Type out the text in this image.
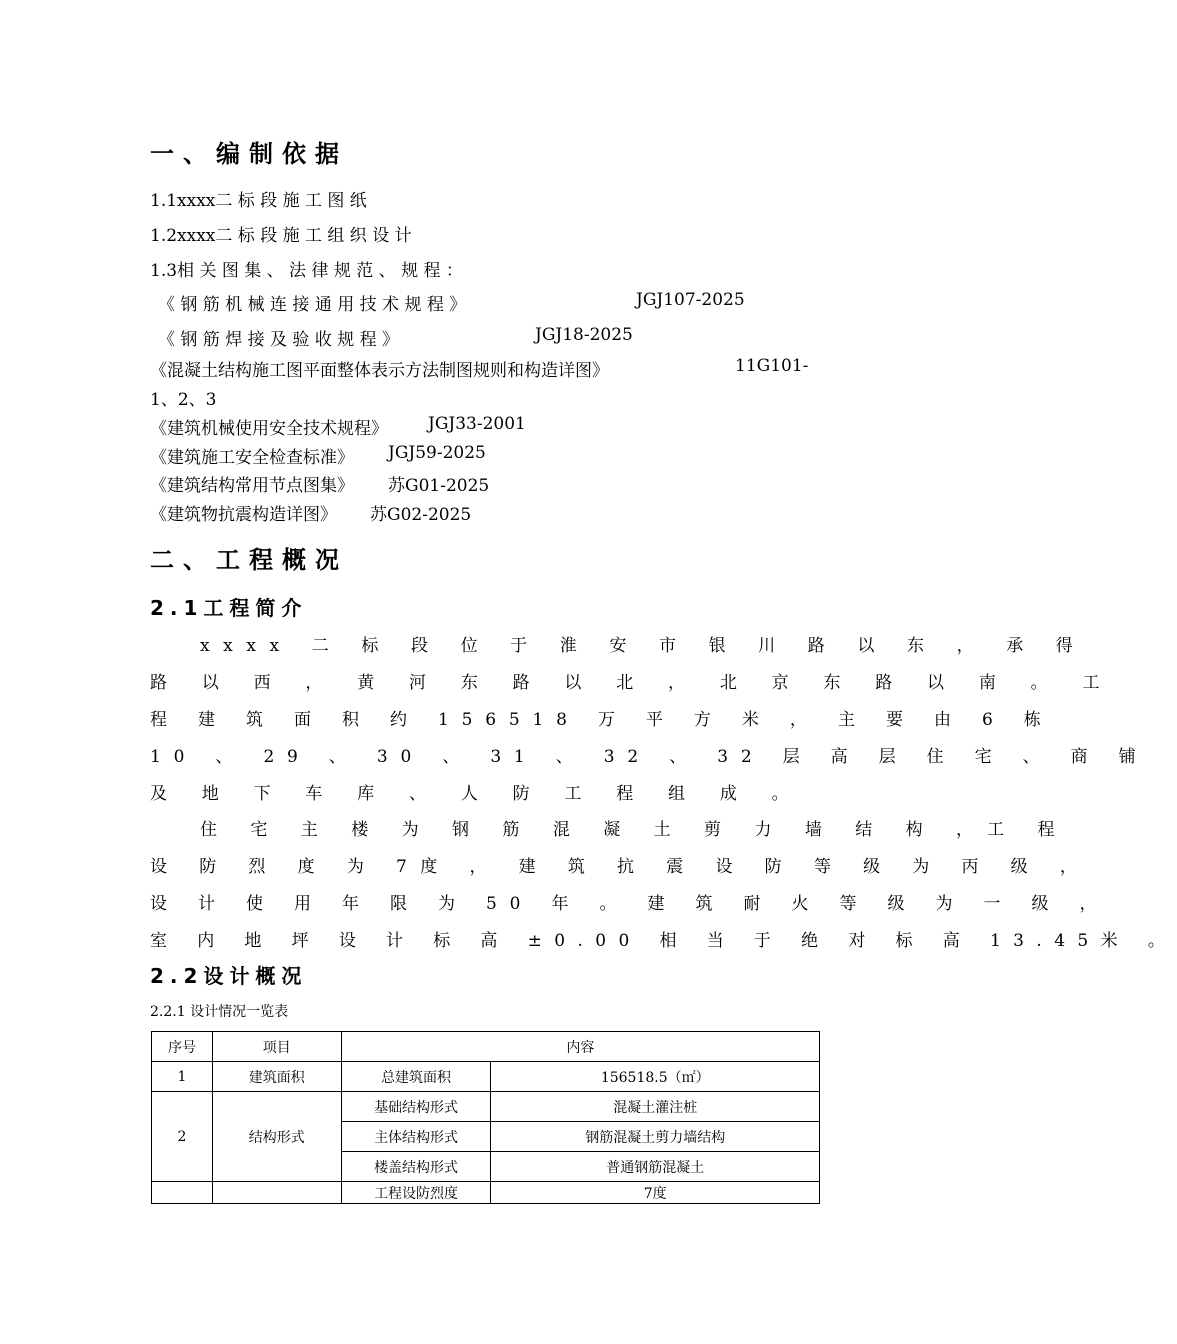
一、编制依据
1.1xxxx二 标 段 施 工 图 纸
1.2xxxx二 标 段 施 工 组 织 设 计
1.3相 关 图 集 、 法 律 规 范 、 规 程 ：
《 钢 筋 机 械 连 接 通 用 技 术 规 程 》	JGJ107-2025
《 钢 筋 焊 接 及 验 收 规 程 》	JGJ18-2025
《混凝土结构施工图平面整体表示方法制图规则和构造详图》	11G101-
1、2、3
《建筑机械使用安全技术规程》 JGJ33-2001
《建筑施工安全检查标准》 JGJ59-2025
《建筑结构常用节点图集》 苏G01-2025
《建筑物抗震构造详图》 苏G02-2025
二、工程概况
2.1工程简介
xxxx 二 标 段 位 于 淮 安 市 银 川 路 以 东 ， 承 得
路 以 西 ， 黄 河 东 路 以 北 ， 北 京 东 路 以 南 。 工
程 建 筑 面 积 约 156518 万 平 方 米 ， 主 要 由 6 栋
10 、 29 、 30 、 31 、 32 、 32 层 高 层 住 宅 、 商 铺
及 地 下 车 库 、 人 防 工 程 组 成 。
住 宅 主 楼 为 钢 筋 混 凝 土 剪 力 墙 结 构 ，工 程
设 防 烈 度 为 7度 ， 建 筑 抗 震 设 防 等 级 为 丙 级 ，
设 计 使 用 年 限 为 50 年 。 建 筑 耐 火 等 级 为 一 级 ，
室 内 地 坪 设 计 标 高 ±0.00 相 当 于 绝 对 标 高 13.45米 。
2.2设计概况
2.2.1 设计情况一览表
序号	项目	内容	
1	建筑面积	总建筑面积	156518.5（㎡）
2	结构形式	基础结构形式	混凝土灌注桩
		主体结构形式	钢筋混凝土剪力墙结构
		楼盖结构形式	普通钢筋混凝土
		工程设防烈度	7度
